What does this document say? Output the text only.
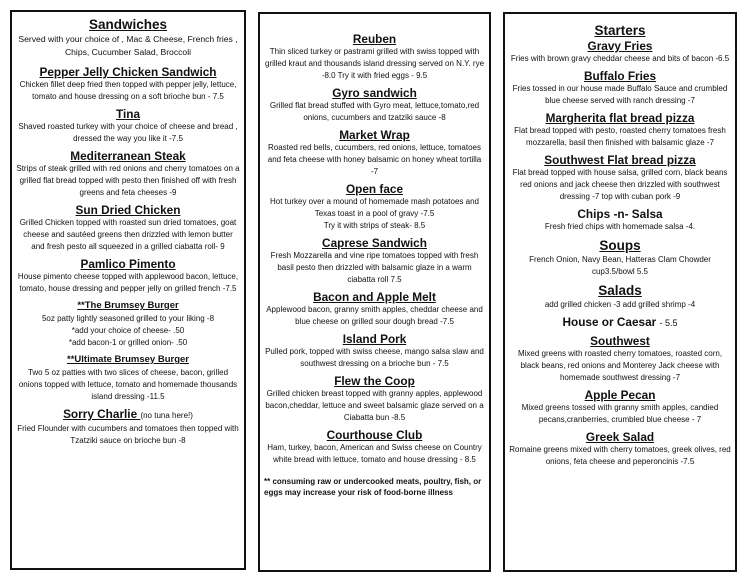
Sandwiches
Served with your choice of , Mac & Cheese, French fries , Chips, Cucumber Salad, Broccoli
Pepper Jelly Chicken Sandwich
Chicken fillet deep fried then topped with pepper jelly, lettuce, tomato and house dressing on a soft brioche bun - 7.5
Tina
Shaved roasted turkey with your choice of cheese and bread , dressed the way you like it -7.5
Mediterranean Steak
Strips of steak grilled with red onions and cherry tomatoes on a grilled flat bread topped with pesto then finished off with fresh greens and feta cheeses -9
Sun Dried Chicken
Grilled Chicken topped with roasted sun dried tomatoes, goat cheese and sautéed greens then drizzled with lemon butter and fresh pesto all squeezed in a grilled ciabatta roll- 9
Pamlico Pimento
House pimento cheese topped with applewood bacon, lettuce, tomato, house dressing and pepper jelly on grilled french -7.5
**The Brumsey Burger
5oz patty lightly seasoned grilled to your liking -8
*add your choice of cheese- .50
*add bacon-1 or grilled onion- .50
**Ultimate Brumsey Burger
Two 5 oz patties with two slices of cheese, bacon, grilled onions topped with lettuce, tomato and homemade thousands island dressing -11.5
Sorry Charlie (no tuna here!)
Fried Flounder with cucumbers and tomatoes then topped with Tzatziki sauce on brioche bun -8
Reuben
Thin sliced turkey or pastrami grilled with swiss topped with grilled kraut and thousands island dressing served on N.Y. rye
-8.0 Try it with fried eggs - 9.5
Gyro sandwich
Grilled flat bread stuffed with Gyro meat, lettuce,tomato,red onions, cucumbers and tzatziki sauce -8
Market Wrap
Roasted red bells, cucumbers, red onions, lettuce, tomatoes and feta cheese with honey balsamic on honey wheat tortilla -7
Open face
Hot turkey over a mound of homemade mash potatoes and Texas toast in a pool of gravy -7.5
Try it with strips of steak- 8.5
Caprese Sandwich
Fresh Mozzarella and vine ripe tomatoes topped with fresh basil pesto then drizzled with balsamic glaze in a warm ciabatta roll 7.5
Bacon and Apple Melt
Applewood bacon, granny smith apples, cheddar cheese and blue cheese on grilled sour dough bread -7.5
Island Pork
Pulled pork, topped with swiss cheese, mango salsa slaw and southwest dressing on a brioche bun - 7.5
Flew the Coop
Grilled chicken breast topped with granny apples, applewood bacon,cheddar, lettuce and sweet balsamic glaze served on a Ciabatta bun -8.5
Courthouse Club
Ham, turkey, bacon, American and Swiss cheese on Country white bread with lettuce, tomato and house dressing - 8.5
** consuming raw or undercooked meats, poultry, fish, or eggs may increase your risk of food-borne illness
Starters
Gravy Fries
Fries with brown gravy cheddar cheese and bits of bacon -6.5
Buffalo Fries
Fries tossed in our house made Buffalo Sauce and crumbled blue cheese served with ranch dressing -7
Margherita flat bread pizza
Flat bread topped with pesto, roasted cherry tomatoes fresh mozzarella, basil then finished with balsamic glaze -7
Southwest Flat bread pizza
Flat bread topped with house salsa, grilled corn, black beans red onions and jack cheese then drizzled with southwest dressing -7 top with cuban pork -9
Chips -n- Salsa
Fresh fried chips with homemade salsa -4.
Soups
French Onion, Navy Bean, Hatteras Clam Chowder cup3.5/bowl 5.5
Salads
add grilled chicken -3 add grilled shrimp -4
House or Caesar - 5.5
Southwest
Mixed greens with roasted cherry tomatoes, roasted corn, black beans, red onions and Monterey Jack cheese with homemade southwest dressing -7
Apple Pecan
Mixed greens tossed with granny smith apples, candied pecans,cranberries, crumbled blue cheese - 7
Greek Salad
Romaine greens mixed with cherry tomatoes, greek olives, red onions, feta cheese and peperoncinis -7.5
